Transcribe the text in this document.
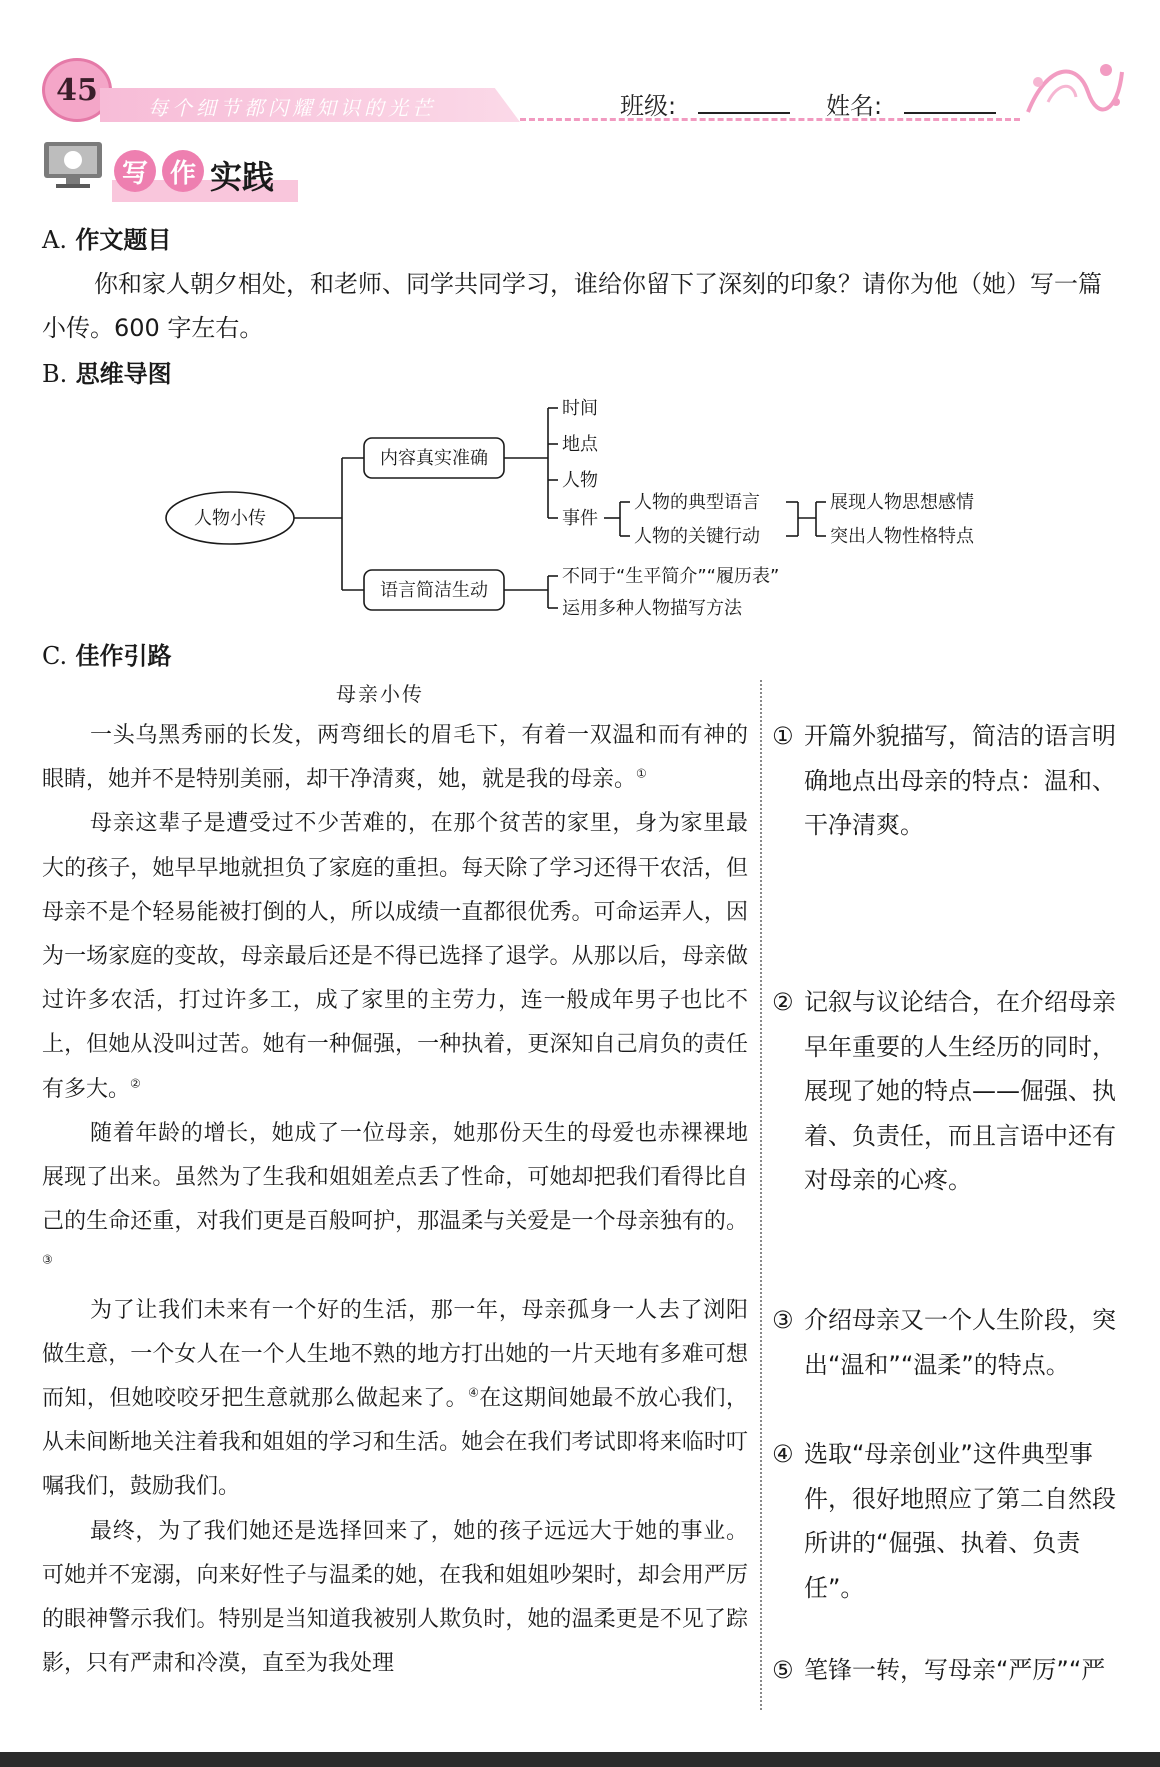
45
每个细节都闪耀知识的光芒	班级:	姓名:
写 作 实践
A. 作文题目
你和家人朝夕相处，和老师、同学共同学习，谁给你留下了深刻的印象？请你为他（她）写一篇小传。600 字左右。
B. 思维导图
人物小传
内容真实准确
语言简洁生动
时间
地点
人物
事件
人物的典型语言
人物的关键行动
展现人物思想感情
突出人物性格特点
不同于“生平简介”“履历表”
运用多种人物描写方法
C. 佳作引路
母亲小传

一头乌黑秀丽的长发，两弯细长的眉毛下，有着一双温和而有神的眼睛，她并不是特别美丽，却干净清爽，她，就是我的母亲。①

母亲这辈子是遭受过不少苦难的，在那个贫苦的家里，身为家里最大的孩子，她早早地就担负了家庭的重担。每天除了学习还得干农活，但母亲不是个轻易能被打倒的人，所以成绩一直都很优秀。可命运弄人，因为一场家庭的变故，母亲最后还是不得已选择了退学。从那以后，母亲做过许多农活，打过许多工，成了家里的主劳力，连一般成年男子也比不上，但她从没叫过苦。她有一种倔强，一种执着，更深知自己肩负的责任有多大。②

随着年龄的增长，她成了一位母亲，她那份天生的母爱也赤裸裸地展现了出来。虽然为了生我和姐姐差点丢了性命，可她却把我们看得比自己的生命还重，对我们更是百般呵护，那温柔与关爱是一个母亲独有的。③

为了让我们未来有一个好的生活，那一年，母亲孤身一人去了浏阳做生意，一个女人在一个人生地不熟的地方打出她的一片天地有多难可想而知，但她咬咬牙把生意就那么做起来了。④在这期间她最不放心我们，从未间断地关注着我和姐姐的学习和生活。她会在我们考试即将来临时叮嘱我们，鼓励我们。

最终，为了我们她还是选择回来了，她的孩子远远大于她的事业。可她并不宠溺，向来好性子与温柔的她，在我和姐姐吵架时，却会用严厉的眼神警示我们。特别是当知道我被别人欺负时，她的温柔更是不见了踪影，只有严肃和冷漠，直至为我处理

① 开篇外貌描写，简洁的语言明确地点出母亲的特点：温和、干净清爽。
② 记叙与议论结合，在介绍母亲早年重要的人生经历的同时，展现了她的特点——倔强、执着、负责任，而且言语中还有对母亲的心疼。
③ 介绍母亲又一个人生阶段，突出“温和”“温柔”的特点。
④ 选取“母亲创业”这件典型事件，很好地照应了第二自然段所讲的“倔强、执着、负责任”。
⑤ 笔锋一转，写母亲“严厉”“严
